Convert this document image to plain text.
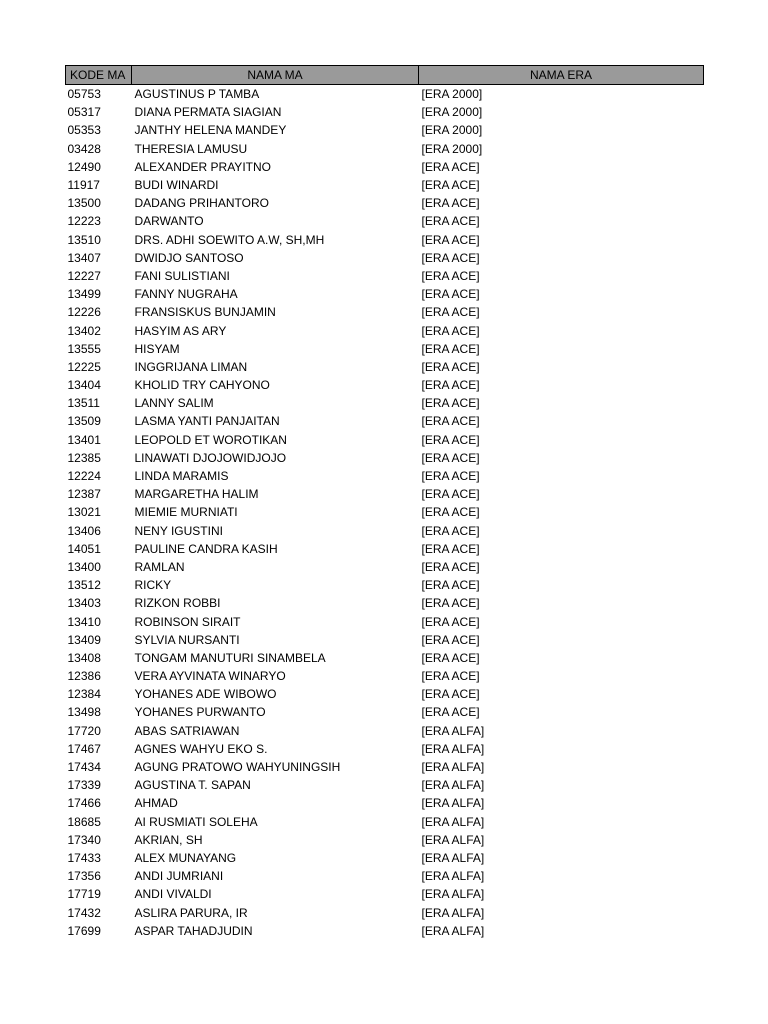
KODE MA	NAMA MA	NAMA ERA
05753	AGUSTINUS P TAMBA	[ERA 2000]
05317	DIANA PERMATA SIAGIAN	[ERA 2000]
05353	JANTHY HELENA MANDEY	[ERA 2000]
03428	THERESIA LAMUSU	[ERA 2000]
12490	ALEXANDER PRAYITNO	[ERA ACE]
11917	BUDI WINARDI	[ERA ACE]
13500	DADANG PRIHANTORO	[ERA ACE]
12223	DARWANTO	[ERA ACE]
13510	DRS. ADHI SOEWITO A.W, SH,MH	[ERA ACE]
13407	DWIDJO SANTOSO	[ERA ACE]
12227	FANI SULISTIANI	[ERA ACE]
13499	FANNY NUGRAHA	[ERA ACE]
12226	FRANSISKUS BUNJAMIN	[ERA ACE]
13402	HASYIM AS ARY	[ERA ACE]
13555	HISYAM	[ERA ACE]
12225	INGGRIJANA LIMAN	[ERA ACE]
13404	KHOLID TRY CAHYONO	[ERA ACE]
13511	LANNY SALIM	[ERA ACE]
13509	LASMA YANTI PANJAITAN	[ERA ACE]
13401	LEOPOLD ET WOROTIKAN	[ERA ACE]
12385	LINAWATI DJOJOWIDJOJO	[ERA ACE]
12224	LINDA MARAMIS	[ERA ACE]
12387	MARGARETHA HALIM	[ERA ACE]
13021	MIEMIE MURNIATI	[ERA ACE]
13406	NENY IGUSTINI	[ERA ACE]
14051	PAULINE CANDRA KASIH	[ERA ACE]
13400	RAMLAN	[ERA ACE]
13512	RICKY	[ERA ACE]
13403	RIZKON ROBBI	[ERA ACE]
13410	ROBINSON SIRAIT	[ERA ACE]
13409	SYLVIA NURSANTI	[ERA ACE]
13408	TONGAM MANUTURI SINAMBELA	[ERA ACE]
12386	VERA AYVINATA WINARYO	[ERA ACE]
12384	YOHANES ADE WIBOWO	[ERA ACE]
13498	YOHANES PURWANTO	[ERA ACE]
17720	ABAS SATRIAWAN	[ERA ALFA]
17467	AGNES WAHYU EKO S.	[ERA ALFA]
17434	AGUNG PRATOWO WAHYUNINGSIH	[ERA ALFA]
17339	AGUSTINA T. SAPAN	[ERA ALFA]
17466	AHMAD	[ERA ALFA]
18685	AI RUSMIATI SOLEHA	[ERA ALFA]
17340	AKRIAN, SH	[ERA ALFA]
17433	ALEX MUNAYANG	[ERA ALFA]
17356	ANDI JUMRIANI	[ERA ALFA]
17719	ANDI VIVALDI	[ERA ALFA]
17432	ASLIRA PARURA, IR	[ERA ALFA]
17699	ASPAR TAHADJUDIN	[ERA ALFA]
